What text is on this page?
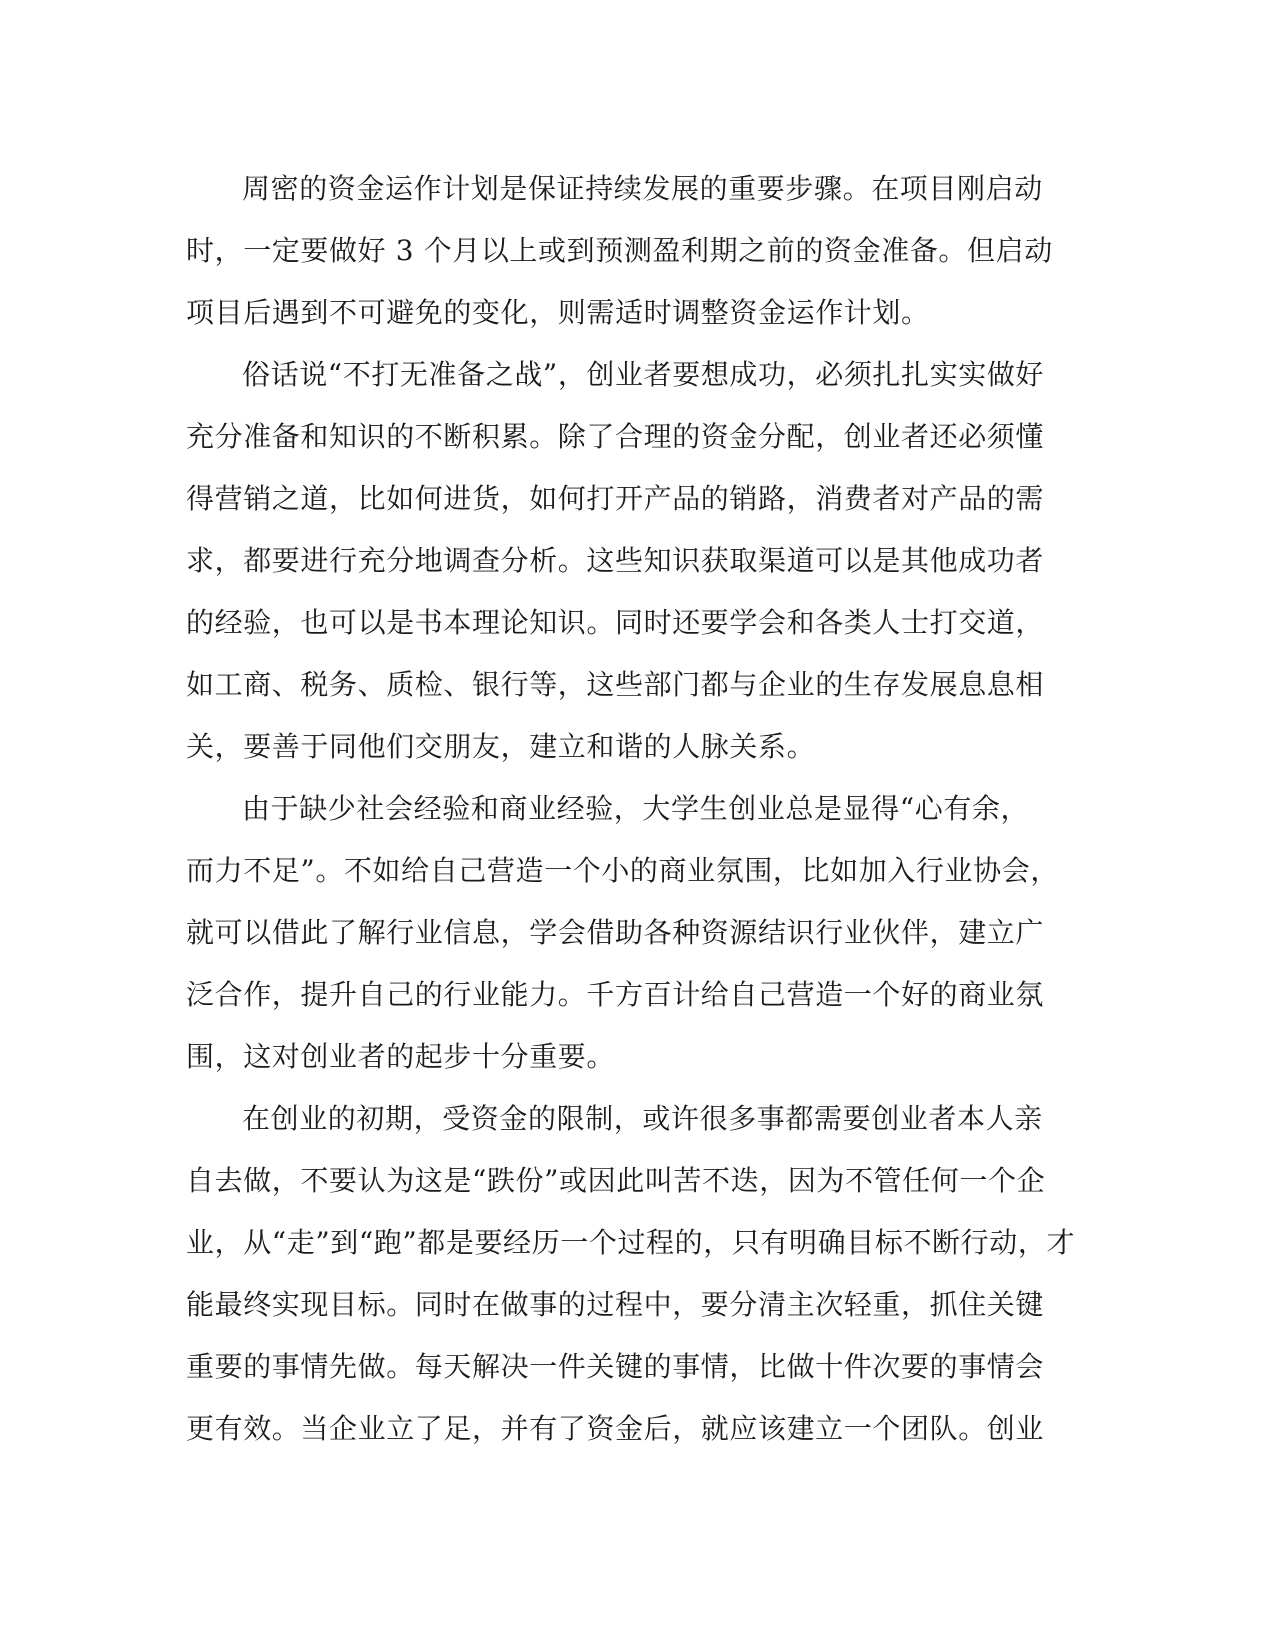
周密的资金运作计划是保证持续发展的重要步骤。在项目刚启动
时，一定要做好 3 个月以上或到预测盈利期之前的资金准备。但启动
项目后遇到不可避免的变化，则需适时调整资金运作计划。

俗话说“不打无准备之战”，创业者要想成功，必须扎扎实实做好
充分准备和知识的不断积累。除了合理的资金分配，创业者还必须懂
得营销之道，比如何进货，如何打开产品的销路，消费者对产品的需
求，都要进行充分地调查分析。这些知识获取渠道可以是其他成功者
的经验，也可以是书本理论知识。同时还要学会和各类人士打交道，
如工商、税务、质检、银行等，这些部门都与企业的生存发展息息相
关，要善于同他们交朋友，建立和谐的人脉关系。

由于缺少社会经验和商业经验，大学生创业总是显得“心有余，
而力不足”。不如给自己营造一个小的商业氛围，比如加入行业协会，
就可以借此了解行业信息，学会借助各种资源结识行业伙伴，建立广
泛合作，提升自己的行业能力。千方百计给自己营造一个好的商业氛
围，这对创业者的起步十分重要。

在创业的初期，受资金的限制，或许很多事都需要创业者本人亲
自去做，不要认为这是“跌份”或因此叫苦不迭，因为不管任何一个企
业，从“走”到“跑”都是要经历一个过程的，只有明确目标不断行动，才
能最终实现目标。同时在做事的过程中，要分清主次轻重，抓住关键
重要的事情先做。每天解决一件关键的事情，比做十件次要的事情会
更有效。当企业立了足，并有了资金后，就应该建立一个团队。创业
